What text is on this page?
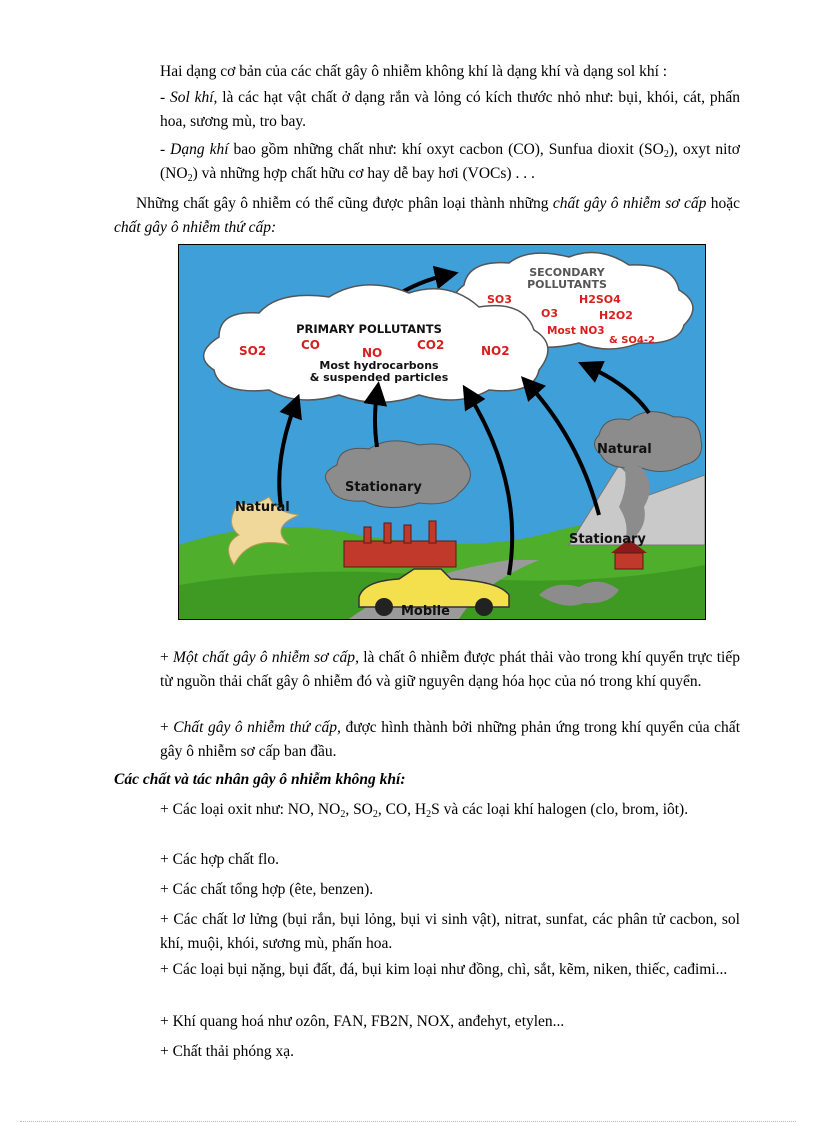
Hai dạng cơ bản của các chất gây ô nhiễm không khí là dạng khí và dạng sol khí :

- Sol khí, là các hạt vật chất ở dạng rắn và lỏng có kích thước nhỏ như: bụi, khói, cát, phấn hoa, sương mù, tro bay.

- Dạng khí bao gồm những chất như: khí oxyt cacbon (CO), Sunfua dioxit $(SO_2)$, oxyt nitơ $(NO_2)$ và những hợp chất hữu cơ hay dễ bay hơi (VOCs) . . .

Những chất gây ô nhiễm có thể cũng được phân loại thành những chất gây ô nhiễm sơ cấp hoặc chất gây ô nhiễm thứ cấp:

SECONDARY
POLLUTANTS
SO3	H2SO4
O3	H2O2
Most NO3
& SO4-2
PRIMARY POLLUTANTS
SO2	CO
NO
CO2	NO2
Most hydrocarbons
& suspended particles
Natural
Stationary
Natural
Stationary
Mobile

+ Một chất gây ô nhiễm sơ cấp, là chất ô nhiễm được phát thải vào trong khí quyển trực tiếp từ nguồn thải chất gây ô nhiễm đó và giữ nguyên dạng hóa học của nó trong khí quyển.

+ Chất gây ô nhiễm thứ cấp, được hình thành bởi những phản ứng trong khí quyển của chất gây ô nhiễm sơ cấp ban đầu.

Các chất và tác nhân gây ô nhiễm không khí:

+ Các loại oxit như: NO, $NO_2$, $SO_2$, CO, $H_2S$ và các loại khí halogen (clo, brom, iôt).

+ Các hợp chất flo.

+ Các chất tổng hợp (ête, benzen).

+ Các chất lơ lửng (bụi rắn, bụi lỏng, bụi vi sinh vật), nitrat, sunfat, các phân tử cacbon, sol khí, muội, khói, sương mù, phấn hoa.

+ Các loại bụi nặng, bụi đất, đá, bụi kim loại như đồng, chì, sắt, kẽm, niken, thiếc, cađimi...

+ Khí quang hoá như ozôn, FAN, FB2N, NOX, anđehyt, etylen...

+ Chất thải phóng xạ.
